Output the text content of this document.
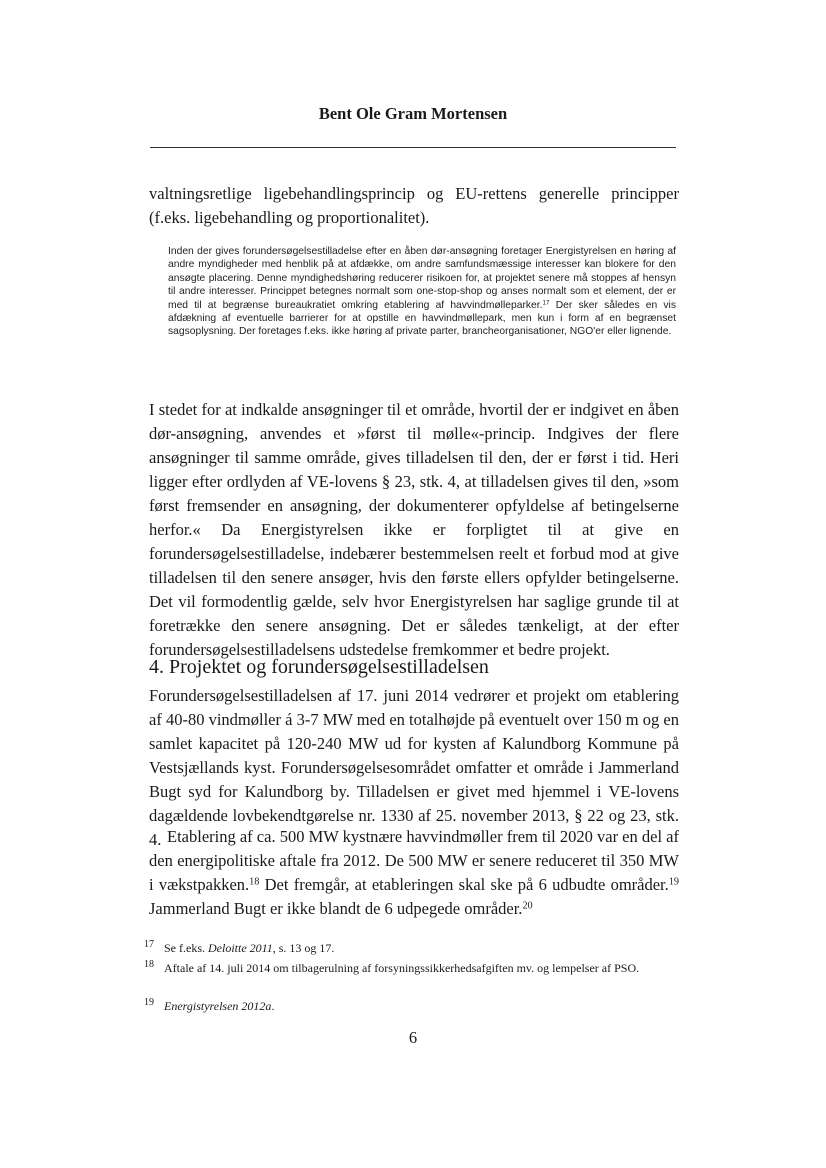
Bent Ole Gram Mortensen
valtningsretlige ligebehandlingsprincip og EU-rettens generelle principper (f.eks. ligebehandling og proportionalitet).
Inden der gives forundersøgelsestilladelse efter en åben dør-ansøgning foretager Energistyrelsen en høring af andre myndigheder med henblik på at afdække, om andre samfundsmæssige interesser kan blokere for den ansøgte placering. Denne myndighedshøring reducerer risikoen for, at projektet senere må stoppes af hensyn til andre interesser. Princippet betegnes normalt som one-stop-shop og anses normalt som et element, der er med til at begrænse bureaukratiet omkring etablering af havvindmølleparker.$^{17}$ Der sker således en vis afdækning af eventuelle barrierer for at opstille en havvindmøllepark, men kun i form af en begrænset sagsoplysning. Der foretages f.eks. ikke høring af private parter, brancheorganisationer, NGO'er eller lignende.
I stedet for at indkalde ansøgninger til et område, hvortil der er indgivet en åben dør-ansøgning, anvendes et »først til mølle«-princip. Indgives der flere ansøgninger til samme område, gives tilladelsen til den, der er først i tid. Heri ligger efter ordlyden af VE-lovens § 23, stk. 4, at tilladelsen gives til den, »som først fremsender en ansøgning, der dokumenterer opfyldelse af betingelserne herfor.« Da Energistyrelsen ikke er forpligtet til at give en forundersøgelsestilladelse, indebærer bestemmelsen reelt et forbud mod at give tilladelsen til den senere ansøger, hvis den første ellers opfylder betingelserne. Det vil formodentlig gælde, selv hvor Energistyrelsen har saglige grunde til at foretrække den senere ansøgning. Det er således tænkeligt, at der efter forundersøgelsestilladelsens udstedelse fremkommer et bedre projekt.
4. Projektet og forundersøgelsestilladelsen
Forundersøgelsestilladelsen af 17. juni 2014 vedrører et projekt om etablering af 40-80 vindmøller á 3-7 MW med en totalhøjde på eventuelt over 150 m og en samlet kapacitet på 120-240 MW ud for kysten af Kalundborg Kommune på Vestsjællands kyst. Forundersøgelsesområdet omfatter et område i Jammerland Bugt syd for Kalundborg by. Tilladelsen er givet med hjemmel i VE-lovens dagældende lovbekendtgørelse nr. 1330 af 25. november 2013, § 22 og 23, stk. 4. Etablering af ca. 500 MW kystnære havvindmøller frem til 2020 var en del af den energipolitiske aftale fra 2012. De 500 MW er senere reduceret til 350 MW i vækstpakken.$^{18}$ Det fremgår, at etableringen skal ske på 6 udbudte områder.$^{19}$ Jammerland Bugt er ikke blandt de 6 udpegede områder.$^{20}$
17 Se f.eks. Deloitte 2011, s. 13 og 17.
18 Aftale af 14. juli 2014 om tilbagerulning af forsyningssikkerhedsafgiften mv. og lempelser af PSO.
19 Energistyrelsen 2012a.
6
